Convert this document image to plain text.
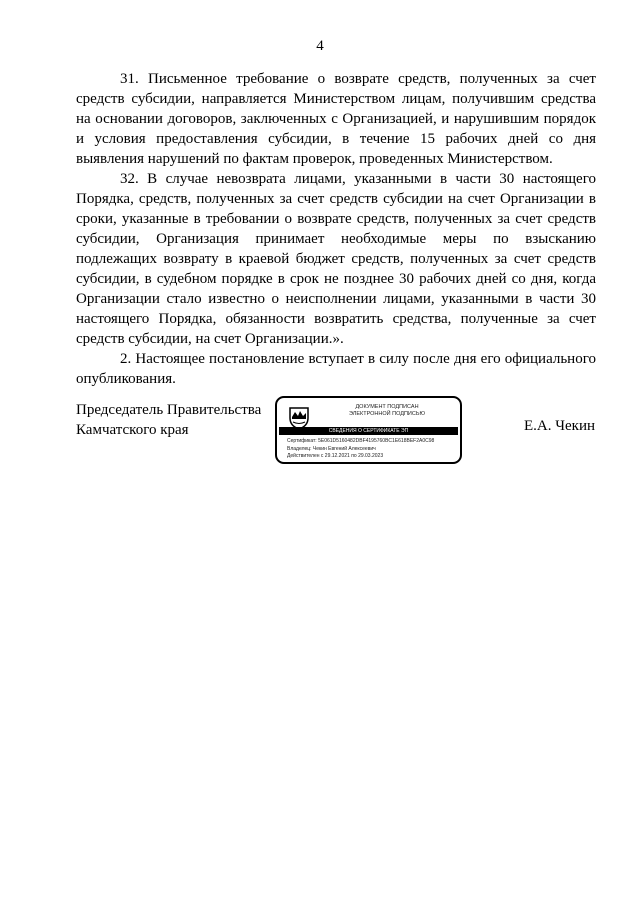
4

31. Письменное требование о возврате средств, полученных за счет средств субсидии, направляется Министерством лицам, получившим средства на основании договоров, заключенных с Организацией, и нарушившим порядок и условия предоставления субсидии, в течение 15 рабочих дней со дня выявления нарушений по фактам проверок, проведенных Министерством.

32. В случае невозврата лицами, указанными в части 30 настоящего Порядка, средств, полученных за счет средств субсидии на счет Организации в сроки, указанные в требовании о возврате средств, полученных за счет средств субсидии, Организация принимает необходимые меры по взысканию подлежащих возврату в краевой бюджет средств, полученных за счет средств субсидии, в судебном порядке в срок не позднее 30 рабочих дней со дня, когда Организации стало известно о неисполнении лицами, указанными в части 30 настоящего Порядка, обязанности возвратить средства, полученные за счет средств субсидии, на счет Организации.».

2. Настоящее постановление вступает в силу после дня его официального опубликования.

Председатель Правительства
Камчатского края
ДОКУМЕНТ ПОДПИСАН
ЭЛЕКТРОННОЙ ПОДПИСЬЮ
СВЕДЕНИЯ О СЕРТИФИКАТЕ ЭП
Сертификат: 5E061D5160482DBF4195760BC1E618BEF2A0C98
Владелец: Чекин Евгений Алексеевич
Действителен с 29.12.2021 по 29.03.2023
Е.А. Чекин
